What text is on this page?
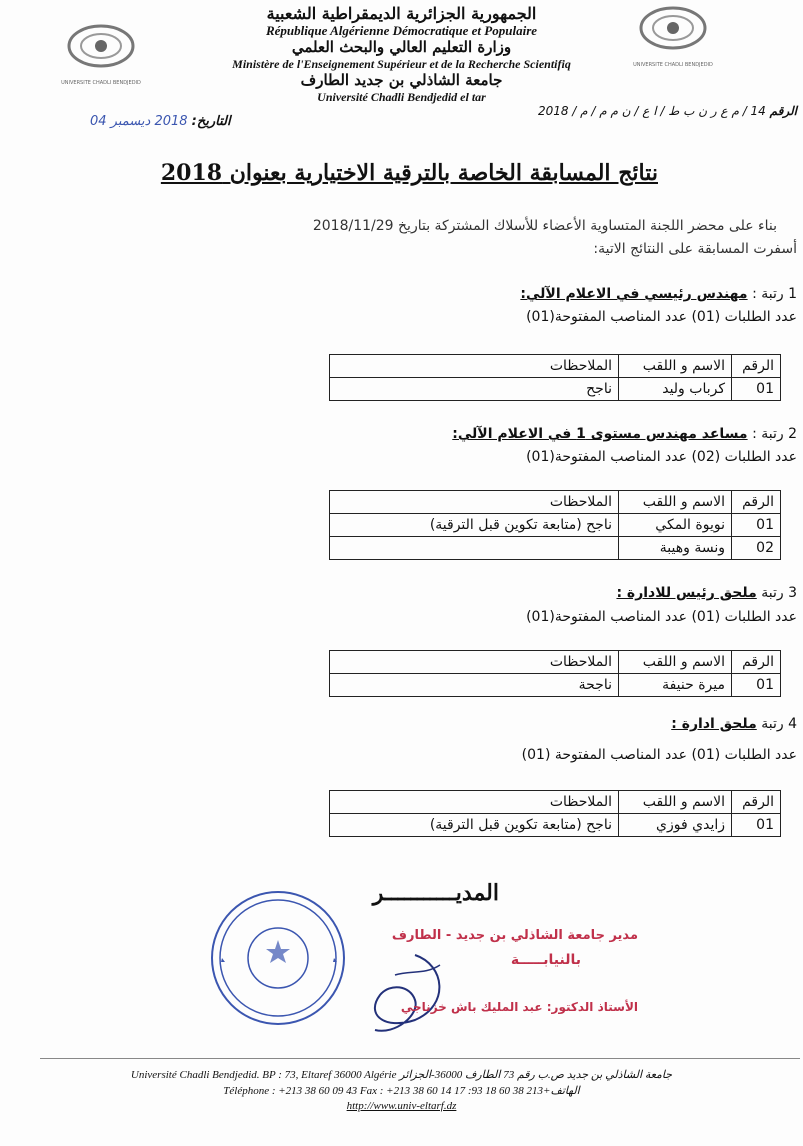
UNIVERSITE CHADLI BENDJEDID
UNIVERSITE CHADLI BENDJEDID
الجمهورية الجزائرية الديمقراطية الشعبية
République Algérienne Démocratique et Populaire
وزارة التعليم العالي والبحث العلمي
Ministère de l'Enseignement Supérieur et de la Recherche Scientifiq
جامعة الشاذلي بن جديد الطارف
Université Chadli Bendjedid el tar
الرقم 14 / م ع ر ن ب ط / ا ع / ن م م / م / 2018
التاريخ: 2018 ديسمبر 04
نتائج المسابقة الخاصة بالترقية الاختيارية بعنوان 2018
بناء على محضر اللجنة المتساوية الأعضاء للأسلاك المشتركة بتاريخ 2018/11/29
أسفرت المسابقة على النتائج الاتية:
1 رتبة : مهندس رئيسي في الاعلام الآلي:
عدد الطلبات (01) عدد المناصب المفتوحة(01)
الرقم	الاسم و اللقب	الملاحظات
01	كرباب وليد	ناجح
2 رتبة : مساعد مهندس مستوى 1 في الاعلام الآلي:
عدد الطلبات (02) عدد المناصب المفتوحة(01)
الرقم	الاسم و اللقب	الملاحظات
01	نويوة المكي	ناجح (متابعة تكوين قبل الترقية)
02	ونسة وهيبة	
3 رتبة ملحق رئيس للادارة :
عدد الطلبات (01) عدد المناصب المفتوحة(01)
الرقم	الاسم و اللقب	الملاحظات
01	ميرة حنيفة	ناجحة
4 رتبة ملحق ادارة :
عدد الطلبات (01) عدد المناصب المفتوحة (01)
الرقم	الاسم و اللقب	الملاحظات
01	زايدي فوزي	ناجح (متابعة تكوين قبل الترقية)
المديـــــــــــر
مدير جامعة الشاذلي بن جديد - الطارف
بالنيابـــــة
الأستاذ الدكتور: عبد المليك باش خزناجي
Université Chadli Bendjedid. BP : 73, Eltaref 36000 Algérie جامعة الشاذلي بن جديد ص.ب رقم 73 الطارف 36000-الجزائر
Téléphone : +213 38 60 09 43 Fax : +213 38 60 14 17 :الهاتف+213 38 60 18 93
http://www.univ-eltarf.dz
